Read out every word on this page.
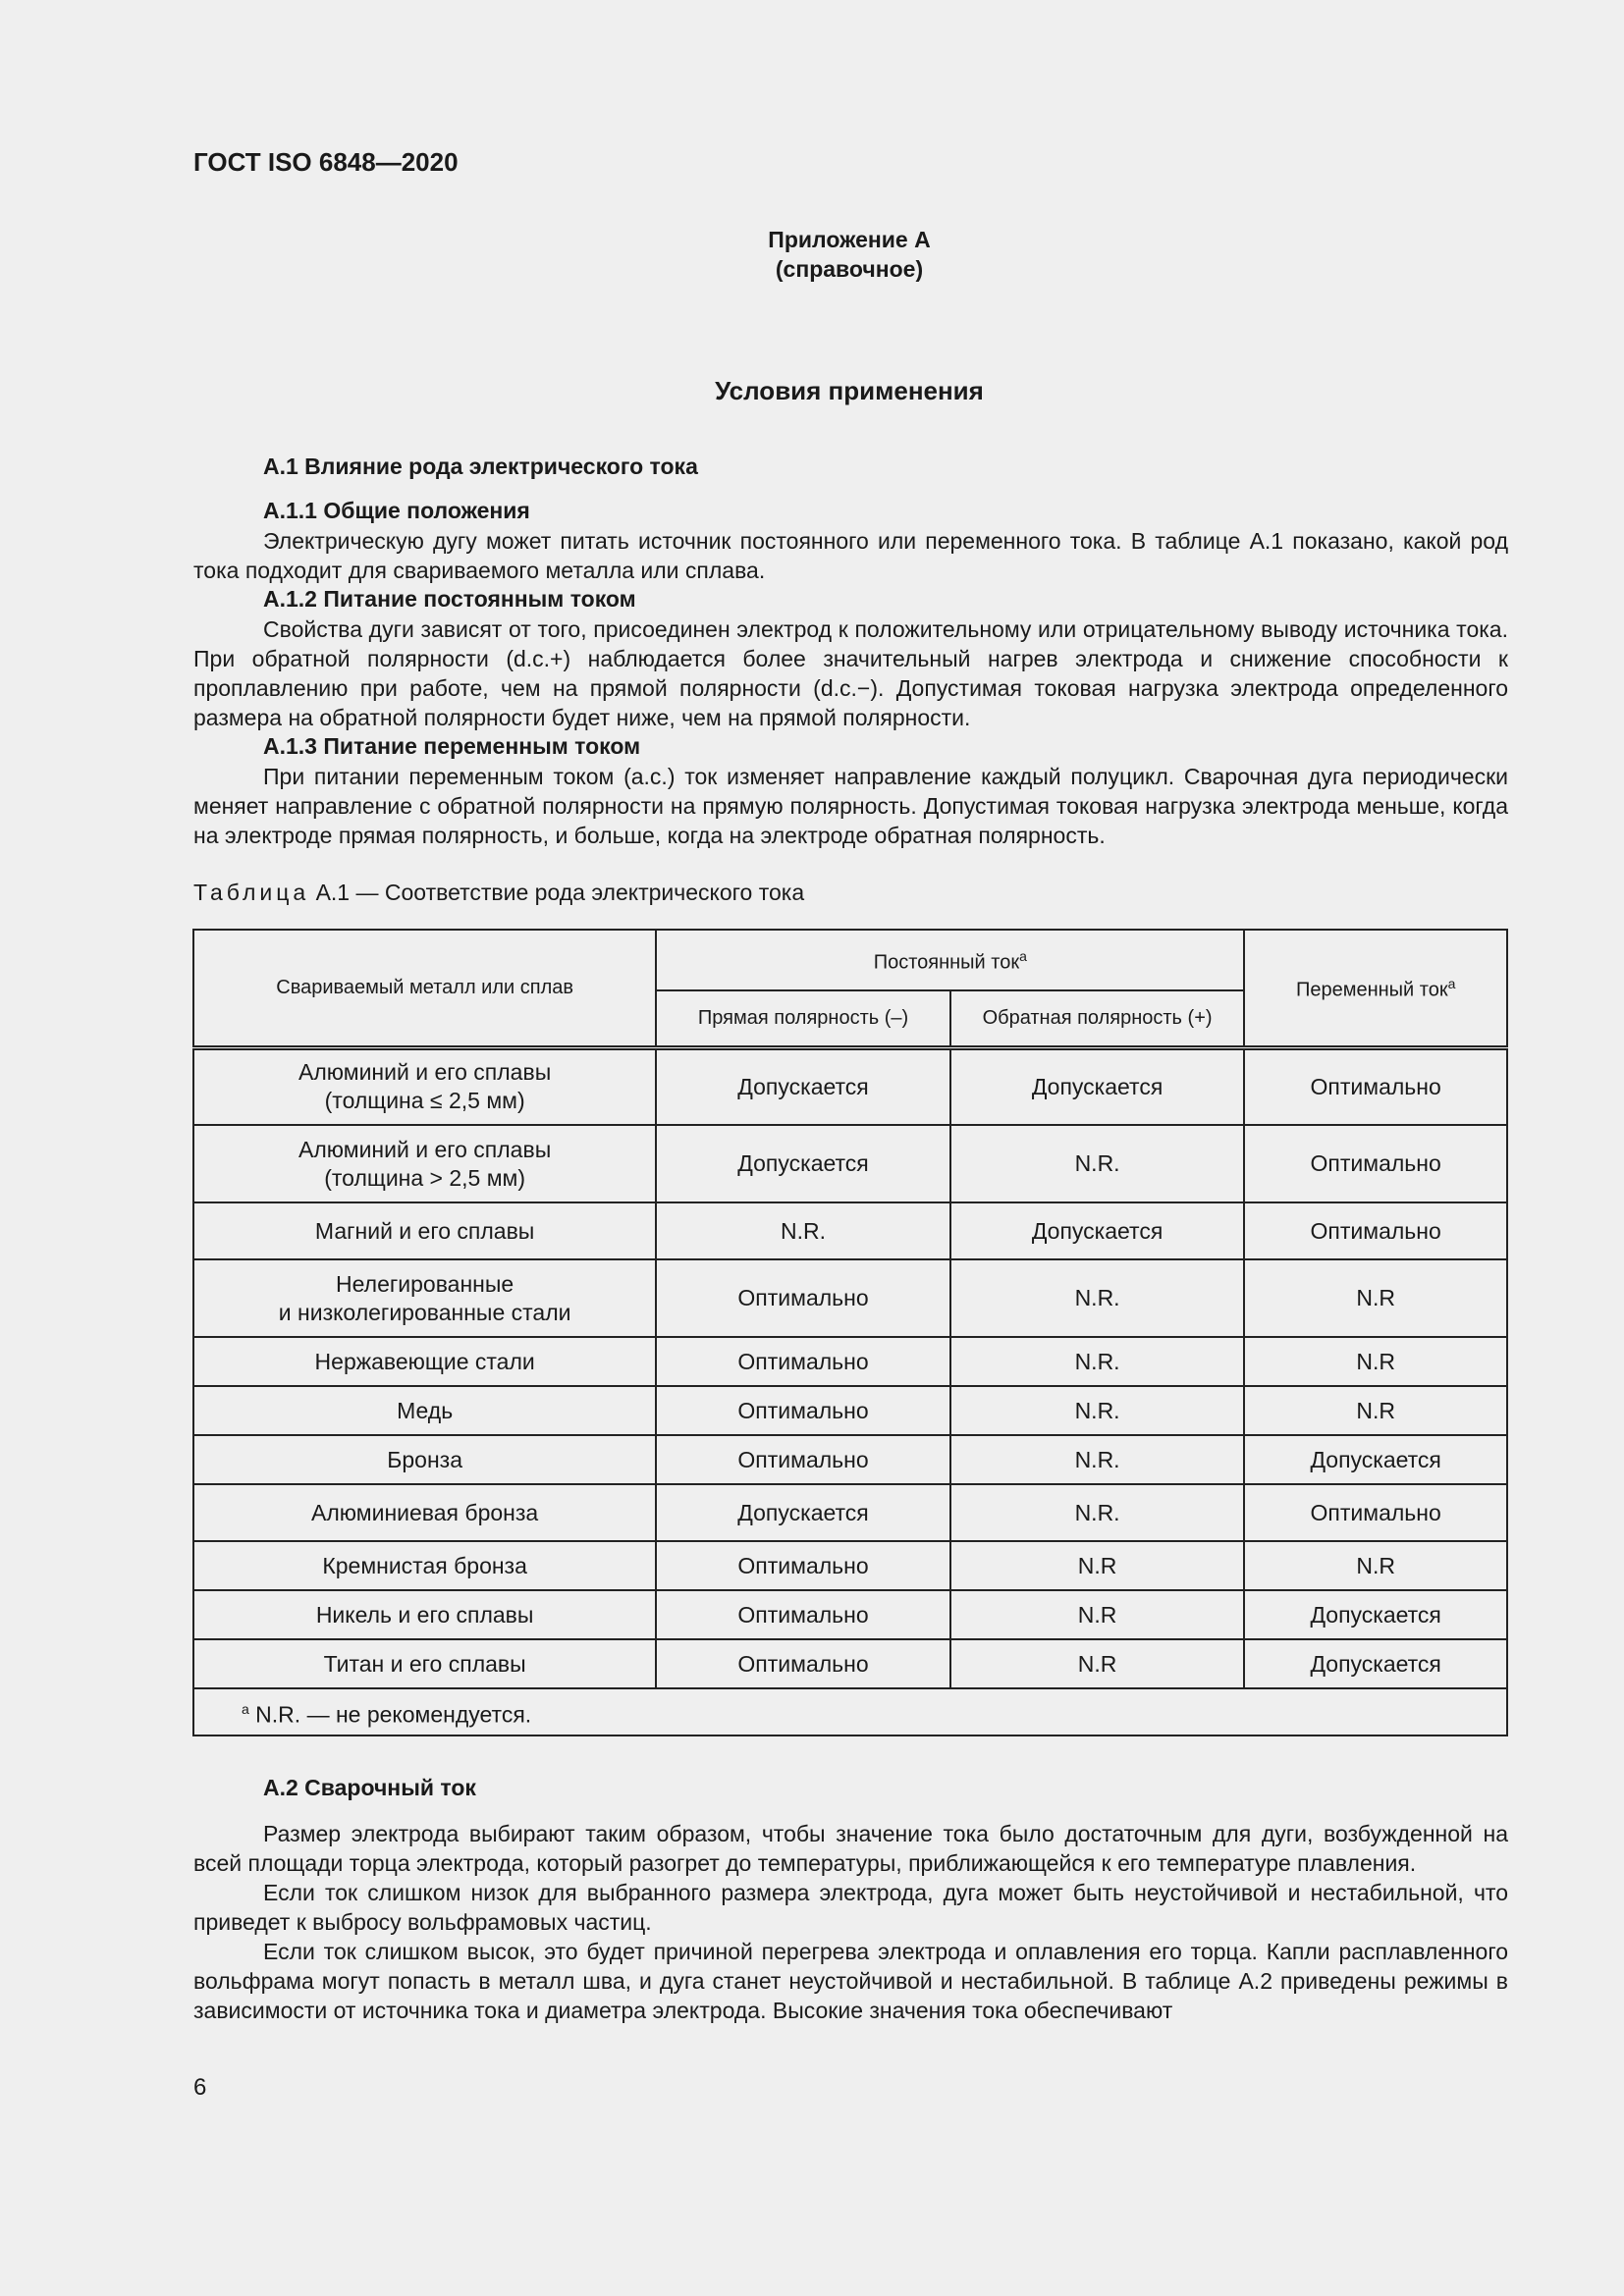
ГОСТ ISO 6848—2020
Приложение А
(справочное)
Условия применения
А.1 Влияние рода электрического тока
А.1.1 Общие положения

Электрическую дугу может питать источник постоянного или переменного тока. В таблице А.1 показано, какой род тока подходит для свариваемого металла или сплава.

А.1.2 Питание постоянным током

Свойства дуги зависят от того, присоединен электрод к положительному или отрицательному выводу источника тока. При обратной полярности (d.c.+) наблюдается более значительный нагрев электрода и снижение способности к проплавлению при работе, чем на прямой полярности (d.c.−). Допустимая токовая нагрузка электрода определенного размера на обратной полярности будет ниже, чем на прямой полярности.

А.1.3 Питание переменным током

При питании переменным током (a.c.) ток изменяет направление каждый полуцикл. Сварочная дуга периодически меняет направление с обратной полярности на прямую полярность. Допустимая токовая нагрузка электрода меньше, когда на электроде прямая полярность, и больше, когда на электроде обратная полярность.

Таблица А.1 — Соответствие рода электрического тока
Свариваемый металл или сплав	Постоянный ток$^a$		Переменный ток$^a$
	Прямая полярность (–)	Обратная полярность (+)	

Алюминий и его сплавы
(толщина ≤ 2,5 мм)	Допускается	Допускается	Оптимально

Алюминий и его сплавы
(толщина > 2,5 мм)	Допускается	N.R.	Оптимально

Магний и его сплавы	N.R.	Допускается	Оптимально

Нелегированные
и низколегированные стали	Оптимально	N.R.	N.R

Нержавеющие стали	Оптимально	N.R.	N.R

Медь	Оптимально	N.R.	N.R

Бронза	Оптимально	N.R.	Допускается

Алюминиевая бронза	Допускается	N.R.	Оптимально

Кремнистая бронза	Оптимально	N.R	N.R

Никель и его сплавы	Оптимально	N.R	Допускается

Титан и его сплавы	Оптимально	N.R	Допускается
$^a$ N.R. — не рекомендуется.			
А.2 Сварочный ток

Размер электрода выбирают таким образом, чтобы значение тока было достаточным для дуги, возбужденной на всей площади торца электрода, который разогрет до температуры, приближающейся к его температуре плавления.

Если ток слишком низок для выбранного размера электрода, дуга может быть неустойчивой и нестабильной, что приведет к выбросу вольфрамовых частиц.

Если ток слишком высок, это будет причиной перегрева электрода и оплавления его торца. Капли расплавленного вольфрама могут попасть в металл шва, и дуга станет неустойчивой и нестабильной. В таблице А.2 приведены режимы в зависимости от источника тока и диаметра электрода. Высокие значения тока обеспечивают

6
